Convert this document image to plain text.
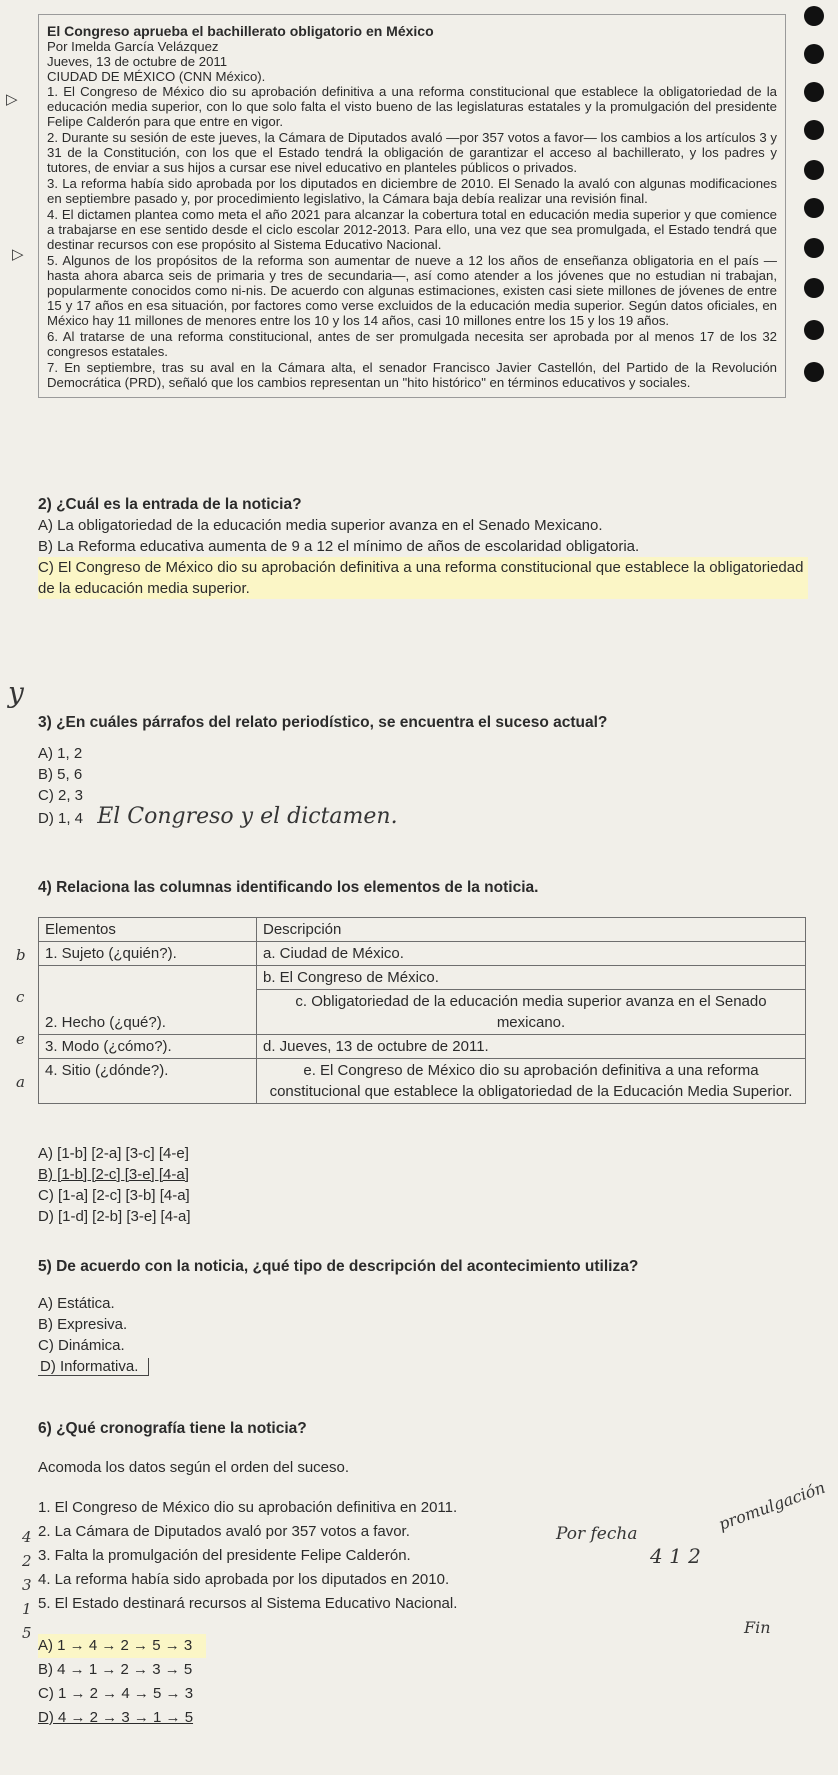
El Congreso aprueba el bachillerato obligatorio en México

Por Imelda García Velázquez

Jueves, 13 de octubre de 2011

CIUDAD DE MÉXICO (CNN México).

1. El Congreso de México dio su aprobación definitiva a una reforma constitucional que establece la obligatoriedad de la educación media superior, con lo que solo falta el visto bueno de las legislaturas estatales y la promulgación del presidente Felipe Calderón para que entre en vigor.

2. Durante su sesión de este jueves, la Cámara de Diputados avaló —por 357 votos a favor— los cambios a los artículos 3 y 31 de la Constitución, con los que el Estado tendrá la obligación de garantizar el acceso al bachillerato, y los padres y tutores, de enviar a sus hijos a cursar ese nivel educativo en planteles públicos o privados.

3. La reforma había sido aprobada por los diputados en diciembre de 2010. El Senado la avaló con algunas modificaciones en septiembre pasado y, por procedimiento legislativo, la Cámara baja debía realizar una revisión final.

4. El dictamen plantea como meta el año 2021 para alcanzar la cobertura total en educación media superior y que comience a trabajarse en ese sentido desde el ciclo escolar 2012-2013. Para ello, una vez que sea promulgada, el Estado tendrá que destinar recursos con ese propósito al Sistema Educativo Nacional.

5. Algunos de los propósitos de la reforma son aumentar de nueve a 12 los años de enseñanza obligatoria en el país —hasta ahora abarca seis de primaria y tres de secundaria—, así como atender a los jóvenes que no estudian ni trabajan, popularmente conocidos como ni-nis. De acuerdo con algunas estimaciones, existen casi siete millones de jóvenes de entre 15 y 17 años en esa situación, por factores como verse excluidos de la educación media superior. Según datos oficiales, en México hay 11 millones de menores entre los 10 y los 14 años, casi 10 millones entre los 15 y los 19 años.

6. Al tratarse de una reforma constitucional, antes de ser promulgada necesita ser aprobada por al menos 17 de los 32 congresos estatales.

7. En septiembre, tras su aval en la Cámara alta, el senador Francisco Javier Castellón, del Partido de la Revolución Democrática (PRD), señaló que los cambios representan un "hito histórico" en términos educativos y sociales.

▷
▷
2) ¿Cuál es la entrada de la noticia?

A) La obligatoriedad de la educación media superior avanza en el Senado Mexicano.

B) La Reforma educativa aumenta de 9 a 12 el mínimo de años de escolaridad obligatoria.

C) El Congreso de México dio su aprobación definitiva a una reforma constitucional que establece la obligatoriedad de la educación media superior.

y
3) ¿En cuáles párrafos del relato periodístico, se encuentra el suceso actual?

A) 1, 2

B) 5, 6

C) 2, 3

D) 1, 4 El Congreso y el dictamen.

4) Relaciona las columnas identificando los elementos de la noticia.
b
c
e
a
Elementos	Descripción
1. Sujeto (¿quién?).	a. Ciudad de México.
2. Hecho (¿qué?).	b. El Congreso de México.
	c. Obligatoriedad de la educación media superior avanza en el Senado mexicano.
3. Modo (¿cómo?).	d. Jueves, 13 de octubre de 2011.
4. Sitio (¿dónde?).	e. El Congreso de México dio su aprobación definitiva a una reforma constitucional que establece la obligatoriedad de la Educación Media Superior.

A) [1-b] [2-a] [3-c] [4-e]

B) [1-b] [2-c] [3-e] [4-a]

C) [1-a] [2-c] [3-b] [4-a]

D) [1-d] [2-b] [3-e] [4-a]

5) De acuerdo con la noticia, ¿qué tipo de descripción del acontecimiento utiliza?

A) Estática.

B) Expresiva.

C) Dinámica.

D) Informativa.

6) ¿Qué cronografía tiene la noticia?

Acomoda los datos según el orden del suceso.

1. El Congreso de México dio su aprobación definitiva en 2011.

2. La Cámara de Diputados avaló por 357 votos a favor.

3. Falta la promulgación del presidente Felipe Calderón.

4. La reforma había sido aprobada por los diputados en 2010.

5. El Estado destinará recursos al Sistema Educativo Nacional.

A) 1 → 4 → 2 → 5 → 3

B) 4 → 1 → 2 → 3 → 5

C) 1 → 2 → 4 → 5 → 3

D) 4 → 2 → 3 → 1 → 5

4
2
3
1
5
Por fecha
4 1 2
promulgación
Fin
